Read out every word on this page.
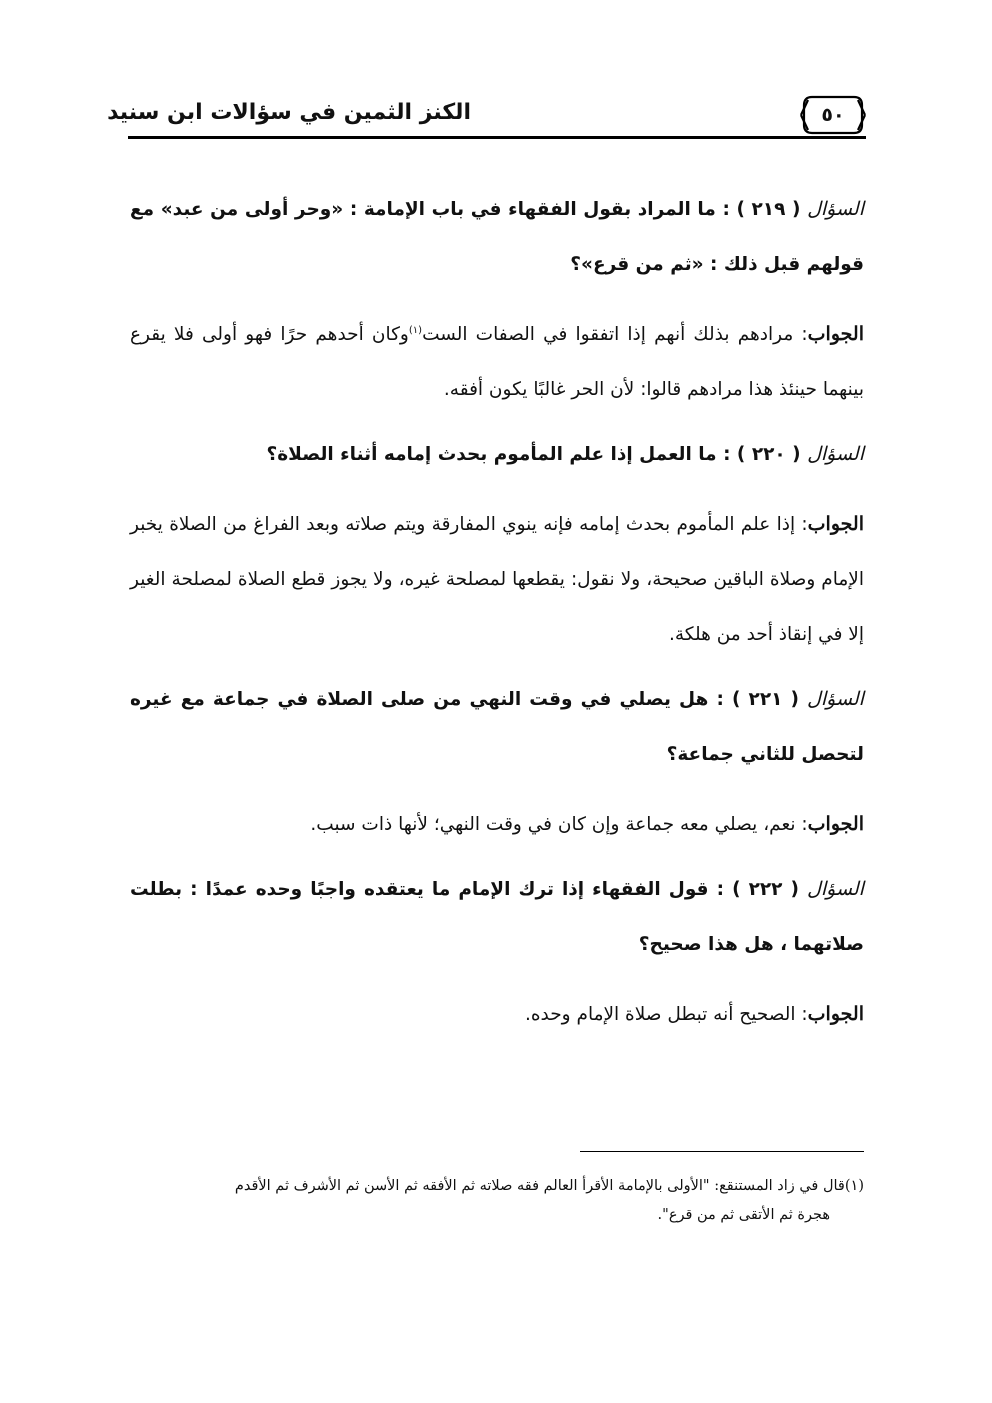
٥٠
الكنز الثمين في سؤالات ابن سنيد
السؤال ( ٢١٩ ) : ما المراد بقول الفقهاء في باب الإمامة : «وحر أولى من عبد» مع قولهم قبل ذلك : «ثم من قرع»؟
الجواب: مرادهم بذلك أنهم إذا اتفقوا في الصفات الست$^{(١)}$وكان أحدهم حرًا فهو أولى فلا يقرع بينهما حينئذ هذا مرادهم قالوا: لأن الحر غالبًا يكون أفقه.
السؤال ( ٢٢٠ ) : ما العمل إذا علم المأموم بحدث إمامه أثناء الصلاة؟
الجواب: إذا علم المأموم بحدث إمامه فإنه ينوي المفارقة ويتم صلاته وبعد الفراغ من الصلاة يخبر الإمام وصلاة الباقين صحيحة، ولا نقول: يقطعها لمصلحة غيره، ولا يجوز قطع الصلاة لمصلحة الغير إلا في إنقاذ أحد من هلكة.
السؤال ( ٢٢١ ) : هل يصلي في وقت النهي من صلى الصلاة في جماعة مع غيره لتحصل للثاني جماعة؟
الجواب: نعم، يصلي معه جماعة وإن كان في وقت النهي؛ لأنها ذات سبب.
السؤال ( ٢٢٢ ) : قول الفقهاء إذا ترك الإمام ما يعتقده واجبًا وحده عمدًا : بطلت صلاتهما ، هل هذا صحيح؟
الجواب: الصحيح أنه تبطل صلاة الإمام وحده.
(١)قال في زاد المستنقع: "الأولى بالإمامة الأقرأ العالم فقه صلاته ثم الأفقه ثم الأسن ثم الأشرف ثم الأقدم
هجرة ثم الأتقى ثم من قرع".
